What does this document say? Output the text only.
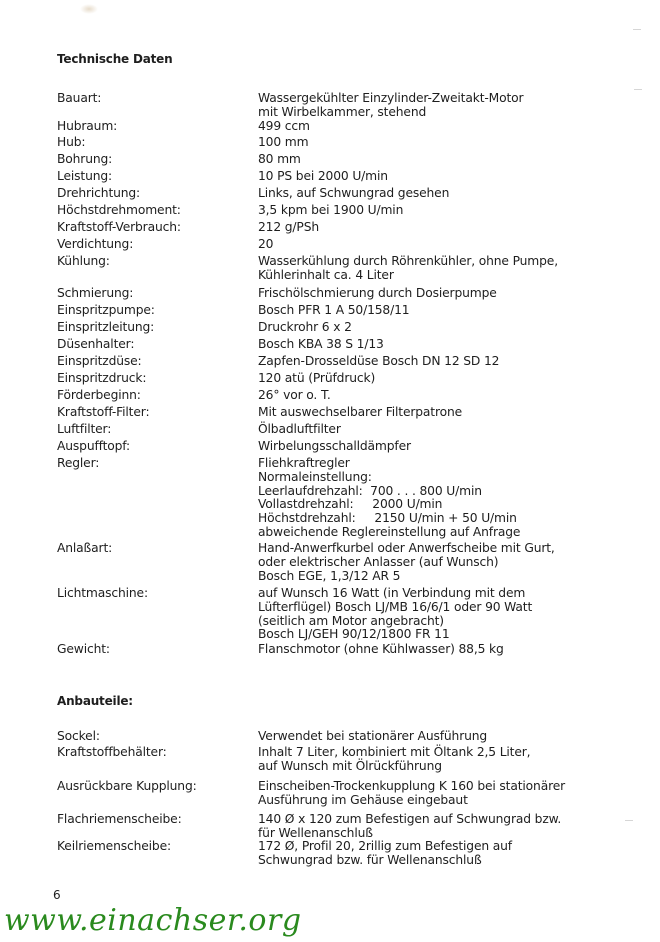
Technische Daten
Bauart:	Wassergekühlter Einzylinder-Zweitakt-Motor
mit Wirbelkammer, stehend
Hubraum:	499 ccm
Hub:	100 mm
Bohrung:	80 mm
Leistung:	10 PS bei 2000 U/min
Drehrichtung:	Links, auf Schwungrad gesehen
Höchstdrehmoment:	3,5 kpm bei 1900 U/min
Kraftstoff-Verbrauch:	212 g/PSh
Verdichtung:	20
Kühlung:	Wasserkühlung durch Röhrenkühler, ohne Pumpe,
Kühlerinhalt ca. 4 Liter
Schmierung:	Frischölschmierung durch Dosierpumpe
Einspritzpumpe:	Bosch PFR 1 A 50/158/11
Einspritzleitung:	Druckrohr 6 x 2
Düsenhalter:	Bosch KBA 38 S 1/13
Einspritzdüse:	Zapfen-Drosseldüse Bosch DN 12 SD 12
Einspritzdruck:	120 atü (Prüfdruck)
Förderbeginn:	26° vor o. T.
Kraftstoff-Filter:	Mit auswechselbarer Filterpatrone
Luftfilter:	Ölbadluftfilter
Auspufftopf:	Wirbelungsschalldämpfer
Regler:	Fliehkraftregler
Normaleinstellung:
Leerlaufdrehzahl:  700 . . . 800 U/min
Vollastdrehzahl:     2000 U/min
Höchstdrehzahl:     2150 U/min + 50 U/min
abweichende Reglereinstellung auf Anfrage
Anlaßart:	Hand-Anwerfkurbel oder Anwerfscheibe mit Gurt,
oder elektrischer Anlasser (auf Wunsch)
Bosch EGE, 1,3/12 AR 5
Lichtmaschine:	auf Wunsch 16 Watt (in Verbindung mit dem
Lüfterflügel) Bosch LJ/MB 16/6/1 oder 90 Watt
(seitlich am Motor angebracht)
Bosch LJ/GEH 90/12/1800 FR 11
Gewicht:	Flanschmotor (ohne Kühlwasser) 88,5 kg
Anbauteile:
Sockel:	Verwendet bei stationärer Ausführung
Kraftstoffbehälter:	Inhalt 7 Liter, kombiniert mit Öltank 2,5 Liter,
auf Wunsch mit Ölrückführung
Ausrückbare Kupplung:	Einscheiben-Trockenkupplung K 160 bei stationärer
Ausführung im Gehäuse eingebaut
Flachriemenscheibe:	140 Ø x 120 zum Befestigen auf Schwungrad bzw.
für Wellenanschluß
Keilriemenscheibe:	172 Ø, Profil 20, 2rillig zum Befestigen auf
Schwungrad bzw. für Wellenanschluß
6
www.einachser.org
